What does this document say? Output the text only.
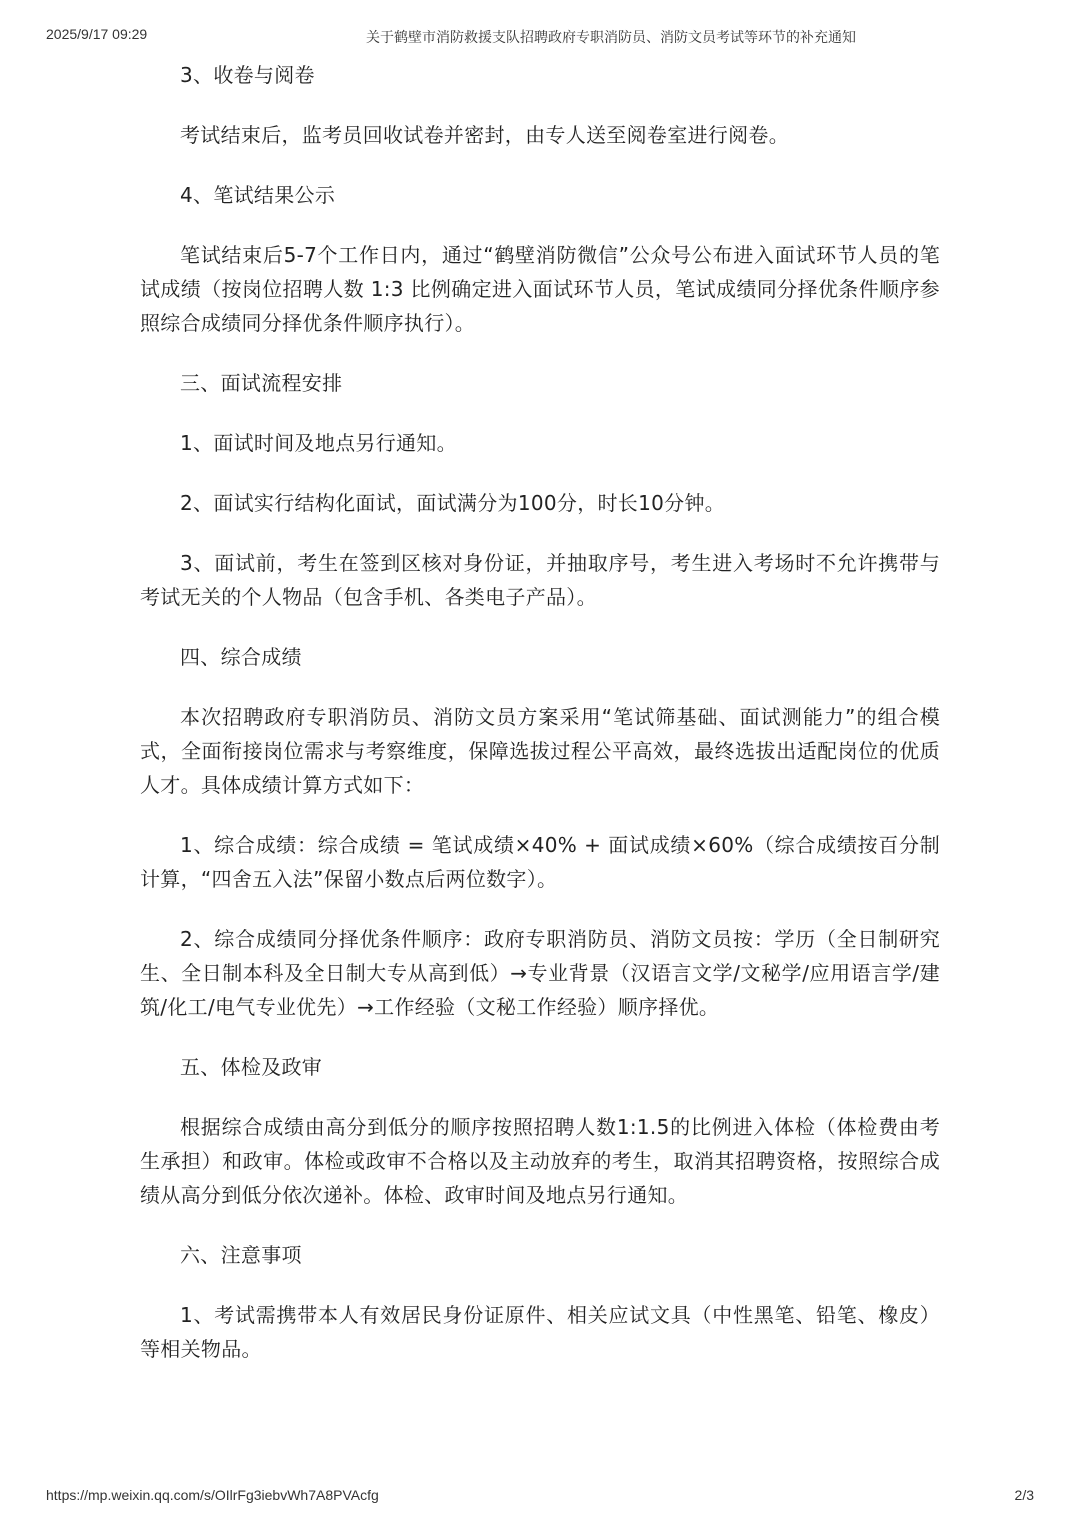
2025/9/17 09:29	关于鹤壁市消防救援支队招聘政府专职消防员、消防文员考试等环节的补充通知

3、收卷与阅卷

考试结束后，监考员回收试卷并密封，由专人送至阅卷室进行阅卷。

4、笔试结果公示

笔试结束后5-7个工作日内，通过“鹤壁消防微信”公众号公布进入面试环节人员的笔试成绩（按岗位招聘人数 1:3 比例确定进入面试环节人员，笔试成绩同分择优条件顺序参照综合成绩同分择优条件顺序执行）。

三、面试流程安排

1、面试时间及地点另行通知。

2、面试实行结构化面试，面试满分为100分，时长10分钟。

3、面试前，考生在签到区核对身份证，并抽取序号，考生进入考场时不允许携带与考试无关的个人物品（包含手机、各类电子产品）。

四、综合成绩

本次招聘政府专职消防员、消防文员方案采用“笔试筛基础、面试测能力”的组合模式，全面衔接岗位需求与考察维度，保障选拔过程公平高效，最终选拔出适配岗位的优质人才。具体成绩计算方式如下：

1、综合成绩：综合成绩 = 笔试成绩×40% + 面试成绩×60%（综合成绩按百分制计算，“四舍五入法”保留小数点后两位数字）。

2、综合成绩同分择优条件顺序：政府专职消防员、消防文员按：学历（全日制研究生、全日制本科及全日制大专从高到低）→专业背景（汉语言文学/文秘学/应用语言学/建筑/化工/电气专业优先）→工作经验（文秘工作经验）顺序择优。

五、体检及政审

根据综合成绩由高分到低分的顺序按照招聘人数1:1.5的比例进入体检（体检费由考生承担）和政审。体检或政审不合格以及主动放弃的考生，取消其招聘资格，按照综合成绩从高分到低分依次递补。体检、政审时间及地点另行通知。

六、注意事项

1、考试需携带本人有效居民身份证原件、相关应试文具（中性黑笔、铅笔、橡皮）等相关物品。

https://mp.weixin.qq.com/s/OIlrFg3iebvWh7A8PVAcfg	2/3
